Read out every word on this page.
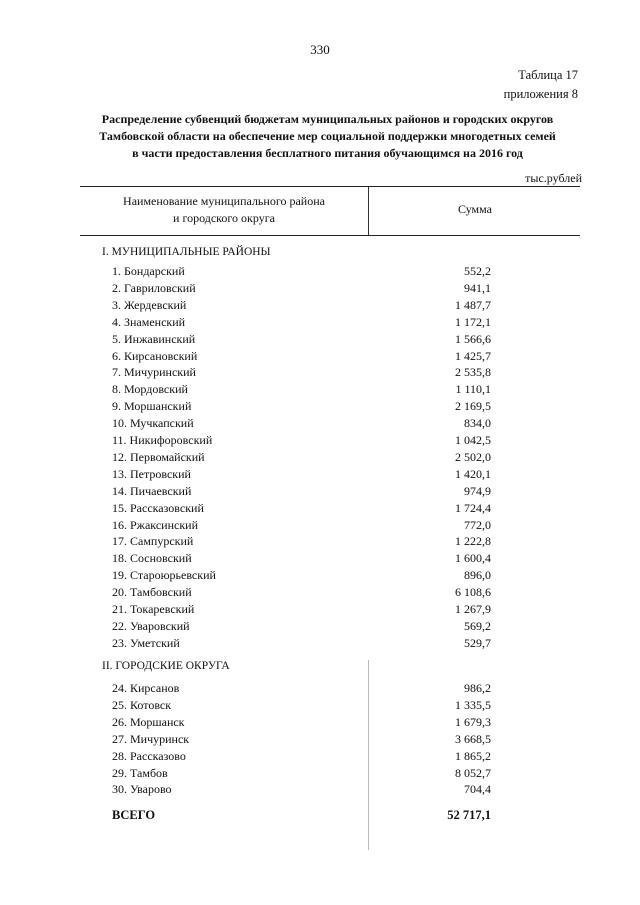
330
Таблица 17
приложения 8
Распределение субвенций бюджетам муниципальных районов и городских округов
Тамбовской области на обеспечение мер социальной поддержки многодетных семей
в части предоставления бесплатного питания обучающимся на 2016 год
тыс.рублей
Наименование муниципального района
и городского округа
Сумма
I. МУНИЦИПАЛЬНЫЕ РАЙОНЫ
1. Бондарский	552,2
2. Гавриловский	941,1
3. Жердевский	1 487,7
4. Знаменский	1 172,1
5. Инжавинский	1 566,6
6. Кирсановский	1 425,7
7. Мичуринский	2 535,8
8. Мордовский	1 110,1
9. Моршанский	2 169,5
10. Мучкапский	834,0
11. Никифоровский	1 042,5
12. Первомайский	2 502,0
13. Петровский	1 420,1
14. Пичаевский	974,9
15. Рассказовский	1 724,4
16. Ржаксинский	772,0
17. Сампурский	1 222,8
18. Сосновский	1 600,4
19. Староюрьевский	896,0
20. Тамбовский	6 108,6
21. Токаревский	1 267,9
22. Уваровский	569,2
23. Уметский	529,7
II. ГОРОДСКИЕ ОКРУГА
24. Кирсанов	986,2
25. Котовск	1 335,5
26. Моршанск	1 679,3
27. Мичуринск	3 668,5
28. Рассказово	1 865,2
29. Тамбов	8 052,7
30. Уварово	704,4
ВСЕГО	52 717,1
